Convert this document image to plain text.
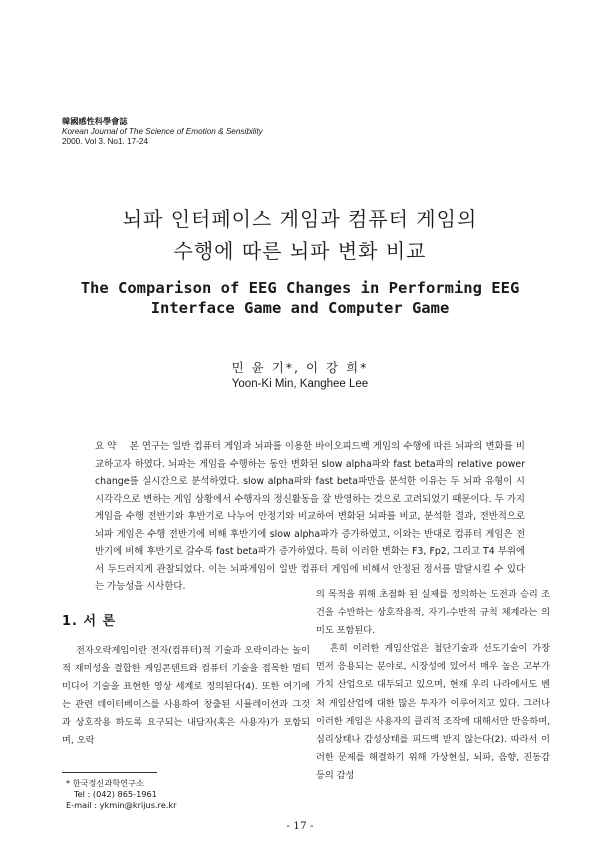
韓國感性科學會誌
Korean Journal of The Science of Emotion & Sensibility
2000. Vol 3. No1. 17-24
뇌파 인터페이스 게임과 컴퓨터 게임의
수행에 따른 뇌파 변화 비교
The Comparison of EEG Changes in Performing EEG
Interface Game and Computer Game
민 윤 기*, 이 강 희*
Yoon-Ki Min, Kanghee Lee
요 약 본 연구는 일반 컴퓨터 게임과 뇌파를 이용한 바이오피드백 게임의 수행에 따른 뇌파의 변화를 비교하고자 하였다. 뇌파는 게임을 수행하는 동안 변화된 slow alpha파와 fast beta파의 relative power change를 실시간으로 분석하였다. slow alpha파와 fast beta파만을 분석한 이유는 두 뇌파 유형이 시시각각으로 변하는 게임 상황에서 수행자의 정신활동을 잘 반영하는 것으로 고려되었기 때문이다. 두 가지 게임을 수행 전반기와 후반기로 나누어 안정기와 비교하여 변화된 뇌파를 비교, 분석한 결과, 전반적으로 뇌파 게임은 수행 전반기에 비해 후반기에 slow alpha파가 증가하였고, 이와는 반대로 컴퓨터 게임은 전반기에 비해 후반기로 갈수록 fast beta파가 증가하였다. 특히 이러한 변화는 F3, Fp2, 그리고 T4 부위에서 두드러지게 관찰되었다. 이는 뇌파게임이 일반 컴퓨터 게임에 비해서 안정된 정서를 발달시킬 수 있다는 가능성을 시사한다.
1. 서 론

전자오락게임이란 전자(컴퓨터)적 기술과 오락이라는 놀이적 재미성을 결합한 게임콘텐트와 컴퓨터 기술을 접목한 멀티미디어 기술을 표현한 영상 세계로 정의된다(4). 또한 여기에는 관련 데이터베이스를 사용하여 창출된 시뮬레이션과 그것과 상호작용 하도록 요구되는 내담자(혹은 사용자)가 포함되며, 오락

의 목적을 위해 초점화 된 실제를 정의하는 도전과 승리 조건을 수반하는 상호작용적, 자기-수반적 규칙 체계라는 의미도 포함된다.

흔히 이러한 게임산업은 첨단기술과 선도기술이 가장 먼저 응용되는 분야로, 시장성에 있어서 매우 높은 고부가가치 산업으로 대두되고 있으며, 현재 우리 나라에서도 벤처 게임산업에 대한 많은 투자가 이루어지고 있다. 그러나 이러한 게임은 사용자의 클리적 조작에 대해서만 반응하며, 심리상태나 감성상태를 피드백 받지 않는다(2). 따라서 이러한 문제를 해결하기 위해 가상현실, 뇌파, 음향, 진동감 등의 감성

* 한국정신과학연구소
Tel : (042) 865-1961
E-mail : ykmin@krijus.re.kr
- 17 -
